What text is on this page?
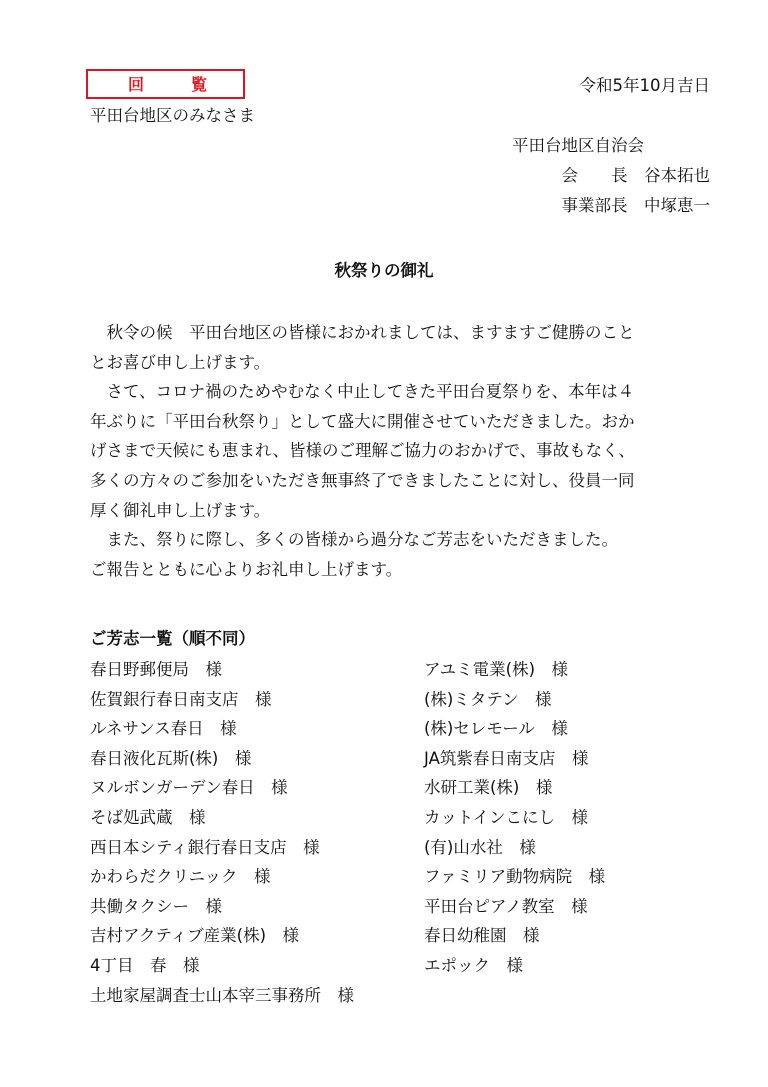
回	覧	令和5年10月吉日
平田台地区のみなさま
平田台地区自治会
会　　長　谷本拓也
事業部長　中塚恵一
秋祭りの御礼
　秋令の候　平田台地区の皆様におかれましては、ますますご健勝のこと
とお喜び申し上げます。
　さて、コロナ禍のためやむなく中止してきた平田台夏祭りを、本年は４
年ぶりに「平田台秋祭り」として盛大に開催させていただきました。おか
げさまで天候にも恵まれ、皆様のご理解ご協力のおかげで、事故もなく、
多くの方々のご参加をいただき無事終了できましたことに対し、役員一同
厚く御礼申し上げます。
　また、祭りに際し、多くの皆様から過分なご芳志をいただきました。
ご報告とともに心よりお礼申し上げます。
ご芳志一覧（順不同）
春日野郵便局　様
佐賀銀行春日南支店　様
ルネサンス春日　様
春日液化瓦斯(株)　様
ヌルボンガーデン春日　様
そば処武蔵　様
西日本シティ銀行春日支店　様
かわらだクリニック　様
共働タクシー　様
吉村アクティブ産業(株)　様
4丁目　春　様
土地家屋調査士山本宰三事務所　様
アユミ電業(株)　様
(株)ミタテン　様
(株)セレモール　様
JA筑紫春日南支店　様
水研工業(株)　様
カットインこにし　様
(有)山水社　様
ファミリア動物病院　様
平田台ピアノ教室　様
春日幼稚園　様
エポック　様
